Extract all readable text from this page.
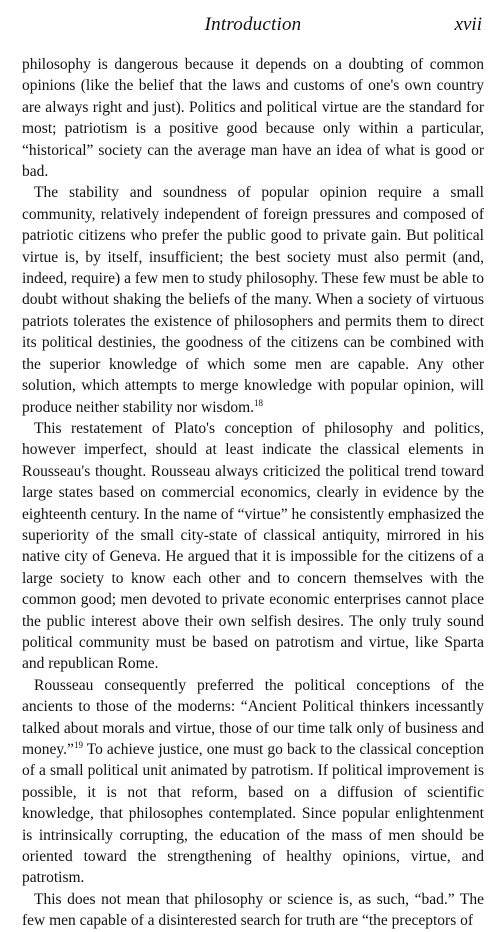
Introduction	xvii

philosophy is dangerous because it depends on a doubting of common opinions (like the belief that the laws and customs of one's own country are always right and just). Politics and political virtue are the standard for most; patriotism is a positive good because only within a particular, “historical” society can the average man have an idea of what is good or bad.

The stability and soundness of popular opinion require a small community, relatively independent of foreign pressures and composed of patriotic citizens who prefer the public good to private gain. But political virtue is, by itself, insufficient; the best society must also permit (and, indeed, require) a few men to study philosophy. These few must be able to doubt without shaking the beliefs of the many. When a society of virtuous patriots tolerates the existence of philosophers and permits them to direct its political destinies, the goodness of the citizens can be combined with the superior knowledge of which some men are capable. Any other solution, which attempts to merge knowledge with popular opinion, will produce neither stability nor wisdom.$^{18}$

This restatement of Plato's conception of philosophy and politics, however imperfect, should at least indicate the classical elements in Rousseau's thought. Rousseau always criticized the political trend toward large states based on commercial economics, clearly in evidence by the eighteenth century. In the name of “virtue” he consistently emphasized the superiority of the small city-state of classical antiquity, mirrored in his native city of Geneva. He argued that it is impossible for the citizens of a large society to know each other and to concern themselves with the common good; men devoted to private economic enterprises cannot place the public interest above their own selfish desires. The only truly sound political community must be based on patrotism and virtue, like Sparta and republican Rome.

Rousseau consequently preferred the political conceptions of the ancients to those of the moderns: “Ancient Political thinkers incessantly talked about morals and virtue, those of our time talk only of business and money.”$^{19}$ To achieve justice, one must go back to the classical conception of a small political unit animated by patrotism. If political improvement is possible, it is not that reform, based on a diffusion of scientific knowledge, that philosophes contemplated. Since popular enlightenment is intrinsically corrupting, the education of the mass of men should be oriented toward the strengthening of healthy opinions, virtue, and patrotism.

This does not mean that philosophy or science is, as such, “bad.” The few men capable of a disinterested search for truth are “the preceptors of
